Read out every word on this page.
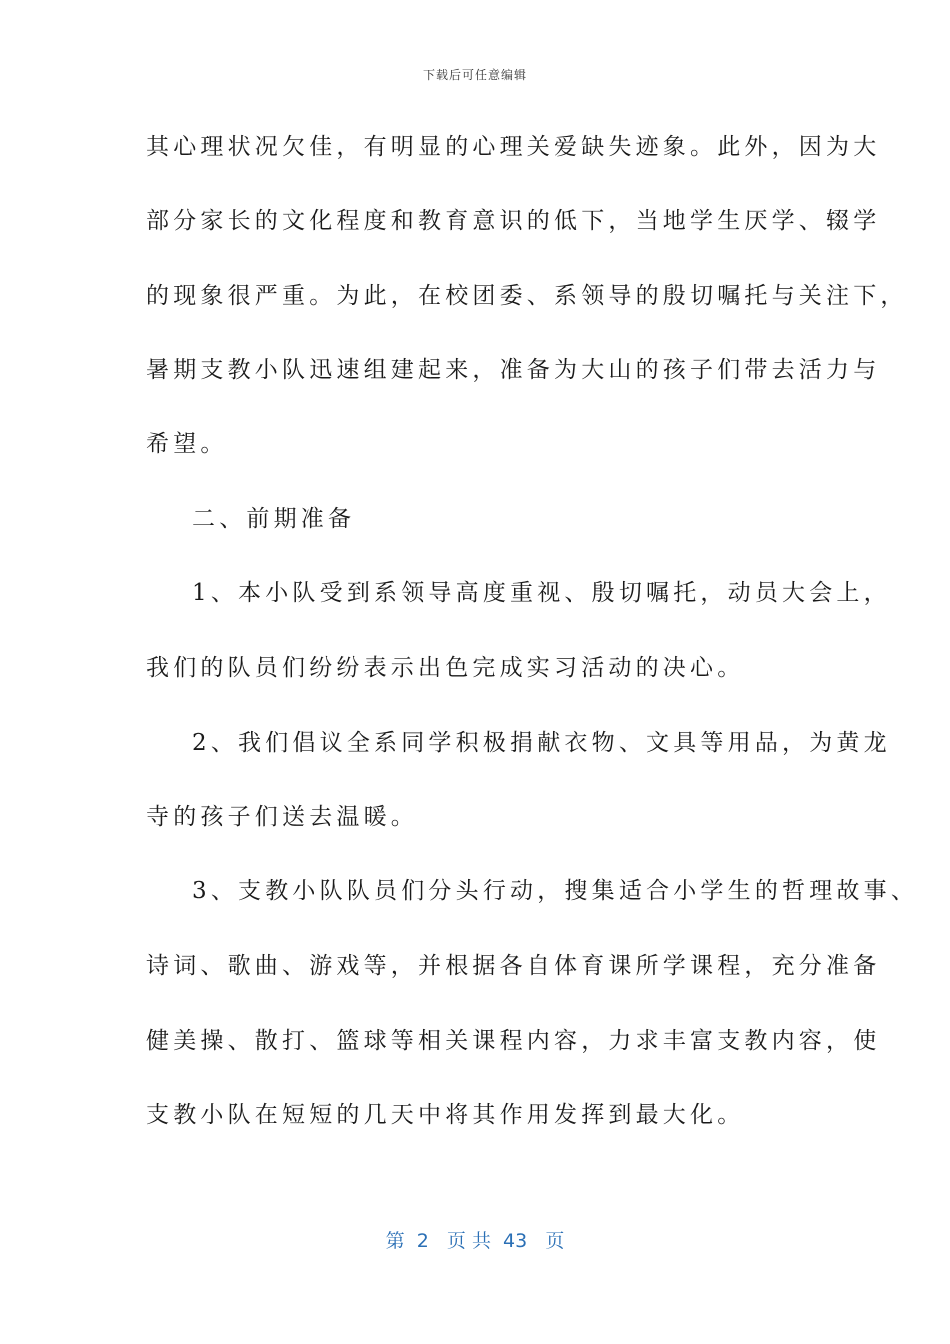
下载后可任意编辑
其心理状况欠佳，有明显的心理关爱缺失迹象。此外，因为大
部分家长的文化程度和教育意识的低下，当地学生厌学、辍学
的现象很严重。为此，在校团委、系领导的殷切嘱托与关注下，
暑期支教小队迅速组建起来，准备为大山的孩子们带去活力与
希望。
二、前期准备
1、本小队受到系领导高度重视、殷切嘱托，动员大会上，
我们的队员们纷纷表示出色完成实习活动的决心。
2、我们倡议全系同学积极捐献衣物、文具等用品，为黄龙
寺的孩子们送去温暖。
3、支教小队队员们分头行动，搜集适合小学生的哲理故事、
诗词、歌曲、游戏等，并根据各自体育课所学课程，充分准备
健美操、散打、篮球等相关课程内容，力求丰富支教内容，使
支教小队在短短的几天中将其作用发挥到最大化。
第  2   页 共  43   页
